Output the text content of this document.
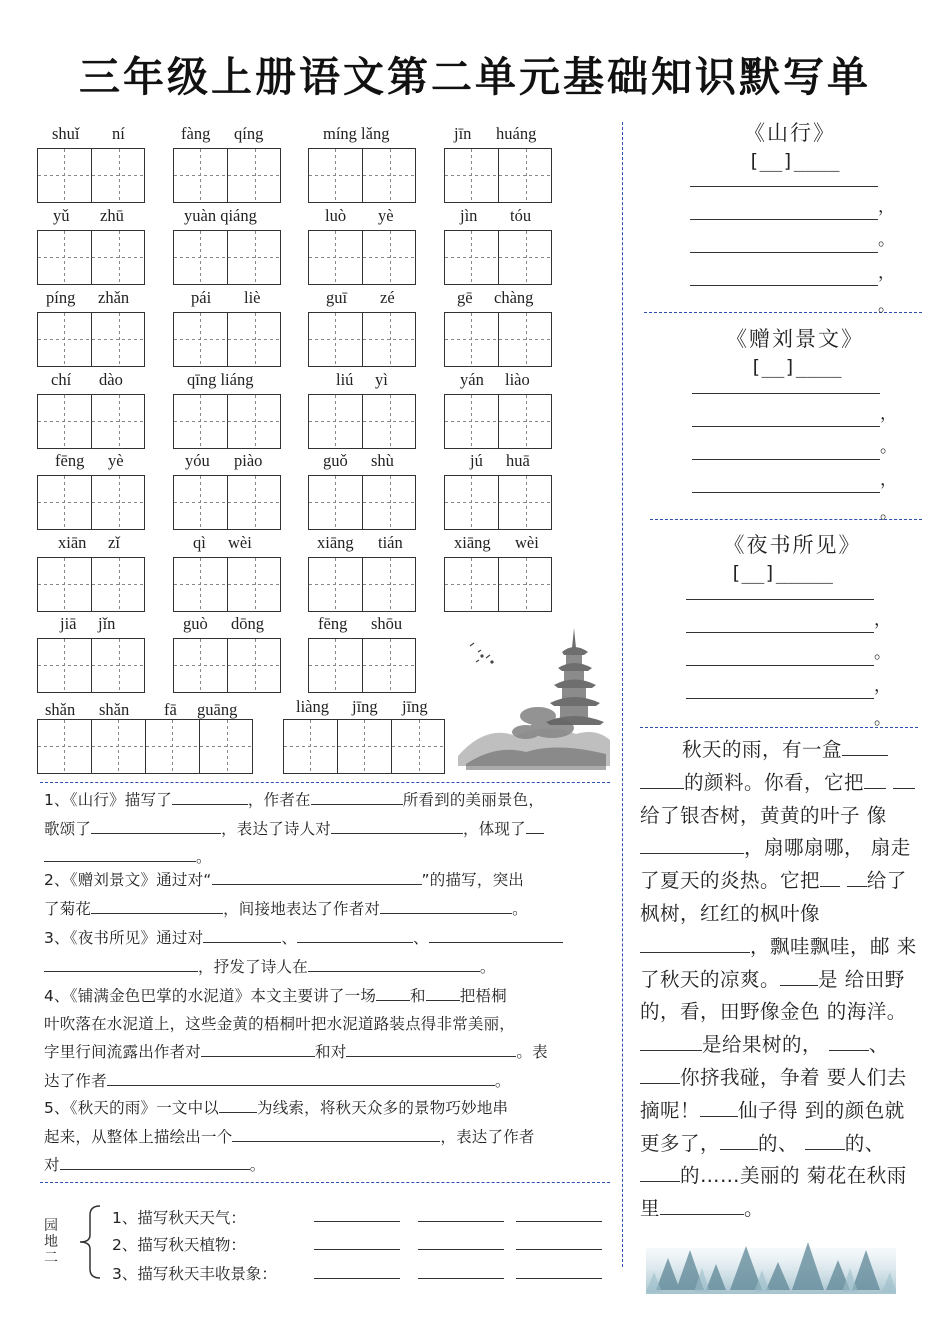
三年级上册语文第二单元基础知识默写单
shuǐ ní	fàng qíng	míng lǎng	jīn huáng
yǔ zhū	yuàn qiáng	luò yè	jìn tóu
píng zhǎn	pái liè	guī zé	gē chàng
chí dào	qīng liáng	liú yì	yán liào
fēng yè	yóu piào	guǒ shù	jú huā
xiān zǐ	qì wèi	xiāng tián	xiāng wèi
jiā jǐn	guò dōng	fēng shōu
shǎn shǎn fā guāng	liàng jīng jīng
《山行》
[__]____
，
。
，
。
《赠刘景文》
[__]____
，
。
，
。
《夜书所见》
[__]_____
，
。
，
。
1、《山行》描写了	，作者在	所看到的美丽景色，
歌颂了	，表达了诗人对	，体现了
。
2、《赠刘景文》通过对“	”的描写，突出
了菊花	，间接地表达了作者对	。
3、《夜书所见》通过对	、	、
，抒发了诗人在	。
4、《铺满金色巴掌的水泥道》本文主要讲了一场 和 把梧桐
叶吹落在水泥道上，这些金黄的梧桐叶把水泥道路装点得非常美丽，
字里行间流露出作者对	和对	。表
达了作者	。
5、《秋天的雨》一文中以 为线索，将秋天众多的景物巧妙地串
起来，从整体上描绘出一个	，表达了作者
对	。
园地二
1、描写秋天天气：
2、描写秋天植物：
3、描写秋天丰收景象：
秋天的雨，有一盒 的颜料。你看，它把 给了银杏树，黄黄的叶子 像，扇哪扇哪， 扇走了夏天的炎热。它把 给了枫树，红红的枫叶像 ，飘哇飘哇，邮 来了秋天的凉爽。 是 给田野的，看，田野像金色 的海洋。是给果树的， 、你挤我碰，争着 要人们去摘呢！ 仙子得 到的颜色就更多了， 的、 的、的……美丽的 菊花在秋雨里	。
